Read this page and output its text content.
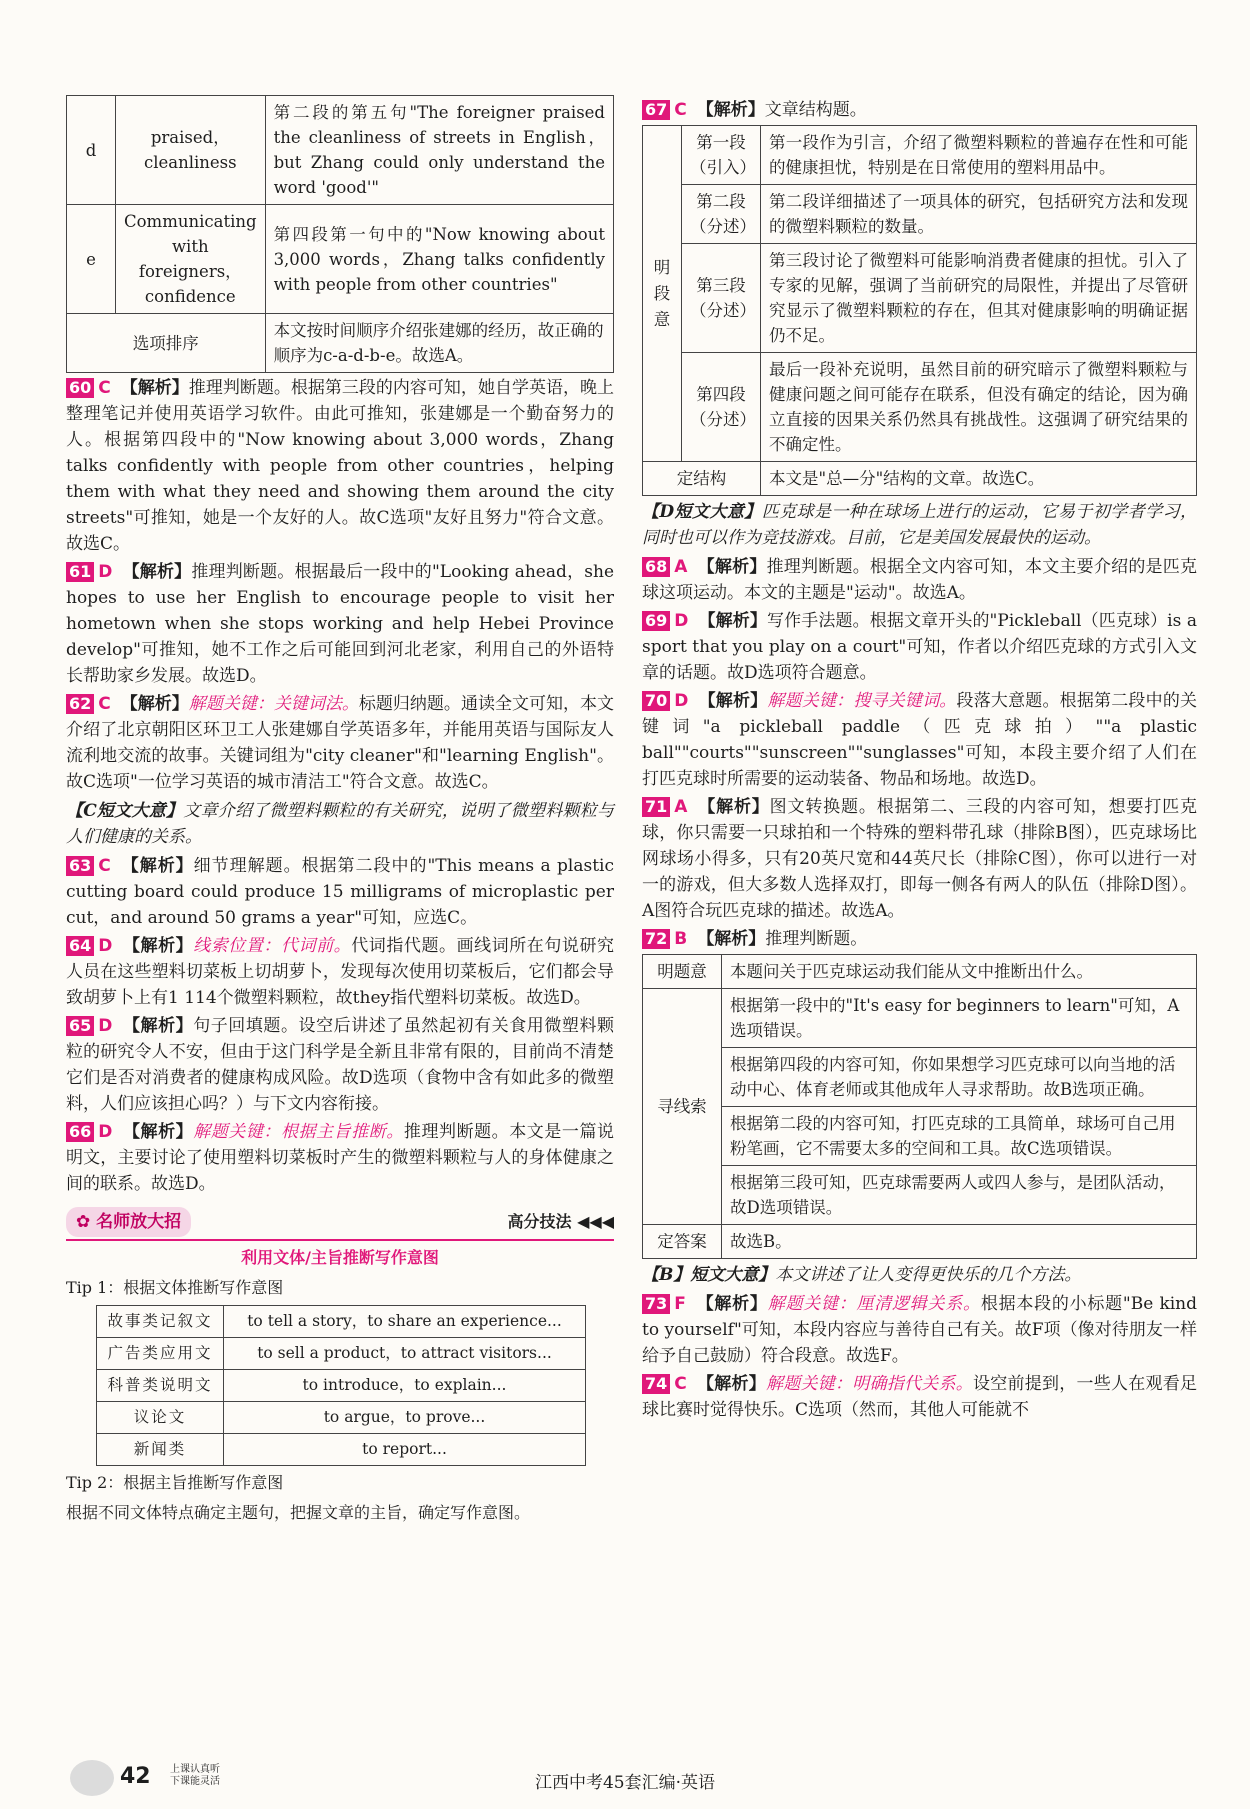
d	praised，cleanliness	第二段的第五句"The foreigner praised the cleanliness of streets in English，but Zhang could only understand the word 'good'"
e	Communicating with foreigners，confidence	第四段第一句中的"Now knowing about 3,000 words，Zhang talks confidently with people from other countries"
选项排序		本文按时间顺序介绍张建娜的经历，故正确的顺序为c-a-d-b-e。故选A。
60 C 【解析】推理判断题。根据第三段的内容可知，她自学英语，晚上整理笔记并使用英语学习软件。由此可推知，张建娜是一个勤奋努力的人。根据第四段中的"Now knowing about 3,000 words，Zhang talks confidently with people from other countries，helping them with what they need and showing them around the city streets"可推知，她是一个友好的人。故C选项"友好且努力"符合文意。故选C。
61 D 【解析】推理判断题。根据最后一段中的"Looking ahead，she hopes to use her English to encourage people to visit her hometown when she stops working and help Hebei Province develop"可推知，她不工作之后可能回到河北老家，利用自己的外语特长帮助家乡发展。故选D。
62 C 【解析】解题关键：关键词法。标题归纳题。通读全文可知，本文介绍了北京朝阳区环卫工人张建娜自学英语多年，并能用英语与国际友人流利地交流的故事。关键词组为"city cleaner"和"learning English"。故C选项"一位学习英语的城市清洁工"符合文意。故选C。
【C短文大意】文章介绍了微塑料颗粒的有关研究，说明了微塑料颗粒与人们健康的关系。
63 C 【解析】细节理解题。根据第二段中的"This means a plastic cutting board could produce 15 milligrams of microplastic per cut，and around 50 grams a year"可知，应选C。
64 D 【解析】线索位置：代词前。代词指代题。画线词所在句说研究人员在这些塑料切菜板上切胡萝卜，发现每次使用切菜板后，它们都会导致胡萝卜上有1 114个微塑料颗粒，故they指代塑料切菜板。故选D。
65 D 【解析】句子回填题。设空后讲述了虽然起初有关食用微塑料颗粒的研究令人不安，但由于这门科学是全新且非常有限的，目前尚不清楚它们是否对消费者的健康构成风险。故D选项（食物中含有如此多的微塑料，人们应该担心吗？）与下文内容衔接。
66 D 【解析】解题关键：根据主旨推断。推理判断题。本文是一篇说明文，主要讨论了使用塑料切菜板时产生的微塑料颗粒与人的身体健康之间的联系。故选D。
✿ 名师放大招	高分技法 ◀◀◀
利用文体/主旨推断写作意图
Tip 1：根据文体推断写作意图
故事类记叙文	to tell a story，to share an experience...
广告类应用文	to sell a product，to attract visitors...
科普类说明文	to introduce，to explain...
议论文	to argue，to prove...
新闻类	to report...
Tip 2：根据主旨推断写作意图
根据不同文体特点确定主题句，把握文章的主旨，确定写作意图。
67 C 【解析】文章结构题。
明段意	第一段（引入）	第一段作为引言，介绍了微塑料颗粒的普遍存在性和可能的健康担忧，特别是在日常使用的塑料用品中。
	第二段（分述）	第二段详细描述了一项具体的研究，包括研究方法和发现的微塑料颗粒的数量。
	第三段（分述）	第三段讨论了微塑料可能影响消费者健康的担忧。引入了专家的见解，强调了当前研究的局限性，并提出了尽管研究显示了微塑料颗粒的存在，但其对健康影响的明确证据仍不足。
	第四段（分述）	最后一段补充说明，虽然目前的研究暗示了微塑料颗粒与健康问题之间可能存在联系，但没有确定的结论，因为确立直接的因果关系仍然具有挑战性。这强调了研究结果的不确定性。
定结构		本文是"总—分"结构的文章。故选C。
【D短文大意】匹克球是一种在球场上进行的运动，它易于初学者学习，同时也可以作为竞技游戏。目前，它是美国发展最快的运动。
68 A 【解析】推理判断题。根据全文内容可知，本文主要介绍的是匹克球这项运动。本文的主题是"运动"。故选A。
69 D 【解析】写作手法题。根据文章开头的"Pickleball（匹克球）is a sport that you play on a court"可知，作者以介绍匹克球的方式引入文章的话题。故D选项符合题意。
70 D 【解析】解题关键：搜寻关键词。段落大意题。根据第二段中的关键词"a pickleball paddle（匹克球拍）""a plastic ball""courts""sunscreen""sunglasses"可知，本段主要介绍了人们在打匹克球时所需要的运动装备、物品和场地。故选D。
71 A 【解析】图文转换题。根据第二、三段的内容可知，想要打匹克球，你只需要一只球拍和一个特殊的塑料带孔球（排除B图），匹克球场比网球场小得多，只有20英尺宽和44英尺长（排除C图），你可以进行一对一的游戏，但大多数人选择双打，即每一侧各有两人的队伍（排除D图）。A图符合玩匹克球的描述。故选A。
72 B 【解析】推理判断题。
明题意	本题问关于匹克球运动我们能从文中推断出什么。
寻线索	根据第一段中的"It's easy for beginners to learn"可知，A选项错误。
	根据第四段的内容可知，你如果想学习匹克球可以向当地的活动中心、体育老师或其他成年人寻求帮助。故B选项正确。
	根据第二段的内容可知，打匹克球的工具简单，球场可自己用粉笔画，它不需要太多的空间和工具。故C选项错误。
	根据第三段可知，匹克球需要两人或四人参与，是团队活动，故D选项错误。
定答案	故选B。
【B】短文大意】本文讲述了让人变得更快乐的几个方法。
73 F 【解析】解题关键：厘清逻辑关系。根据本段的小标题"Be kind to yourself"可知，本段内容应与善待自己有关。故F项（像对待朋友一样给予自己鼓励）符合段意。故选F。
74 C 【解析】解题关键：明确指代关系。设空前提到，一些人在观看足球比赛时觉得快乐。C选项（然而，其他人可能就不
42 上课认真听
下课能灵活	江西中考45套汇编·英语
